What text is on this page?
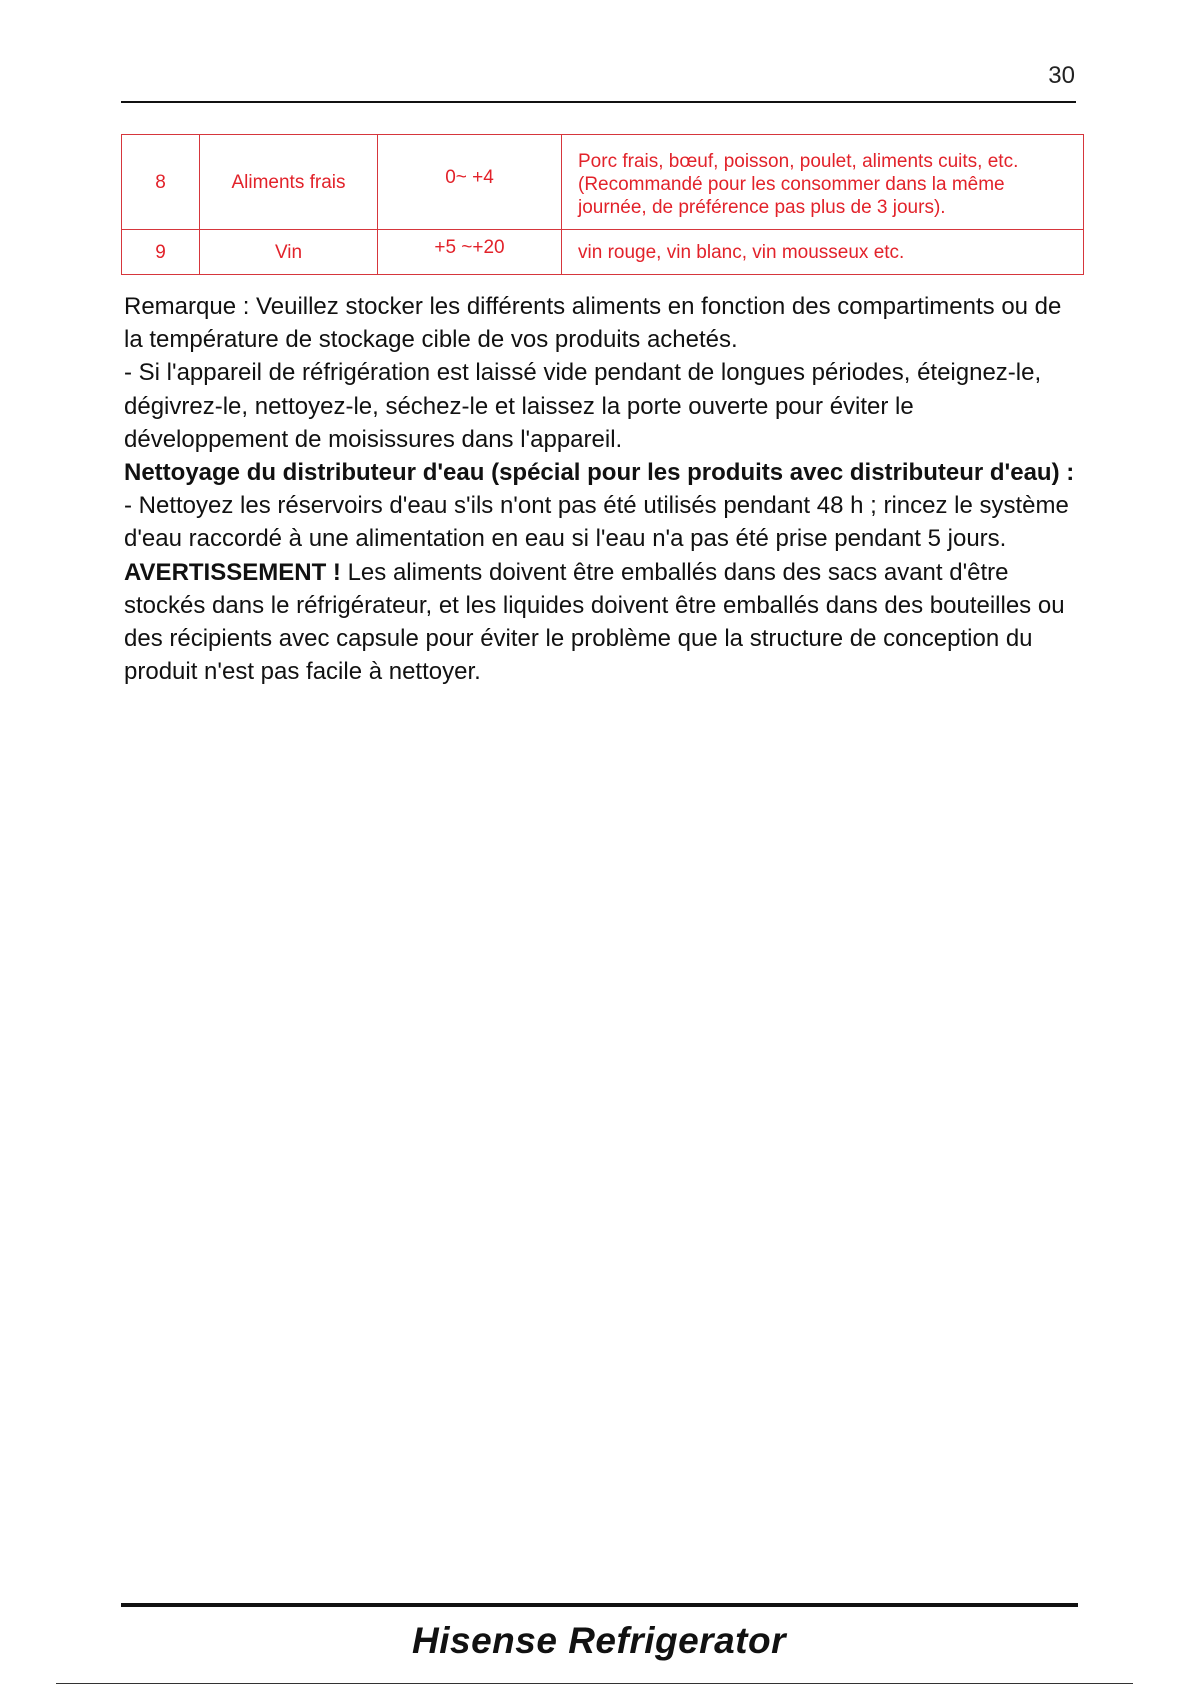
30
8	Aliments frais	0~ +4	Porc frais, bœuf, poisson, poulet, aliments cuits, etc.
(Recommandé pour les consommer dans la même
journée, de préférence pas plus de 3 jours).

9	Vin	+5 ~+20	vin rouge, vin blanc, vin mousseux etc.

Remarque : Veuillez stocker les différents aliments en fonction des compartiments ou de la température de stockage cible de vos produits achetés.

- Si l'appareil de réfrigération est laissé vide pendant de longues périodes, éteignez-le, dégivrez-le, nettoyez-le, séchez-le et laissez la porte ouverte pour éviter le développement de moisissures dans l'appareil.

Nettoyage du distributeur d'eau (spécial pour les produits avec distributeur d'eau) :

- Nettoyez les réservoirs d'eau s'ils n'ont pas été utilisés pendant 48 h ; rincez le système d'eau raccordé à une alimentation en eau si l'eau n'a pas été prise pendant 5 jours.

AVERTISSEMENT ! Les aliments doivent être emballés dans des sacs avant d'être stockés dans le réfrigérateur, et les liquides doivent être emballés dans des bouteilles ou des récipients avec capsule pour éviter le problème que la structure de conception du produit n'est pas facile à nettoyer.

Hisense Refrigerator
